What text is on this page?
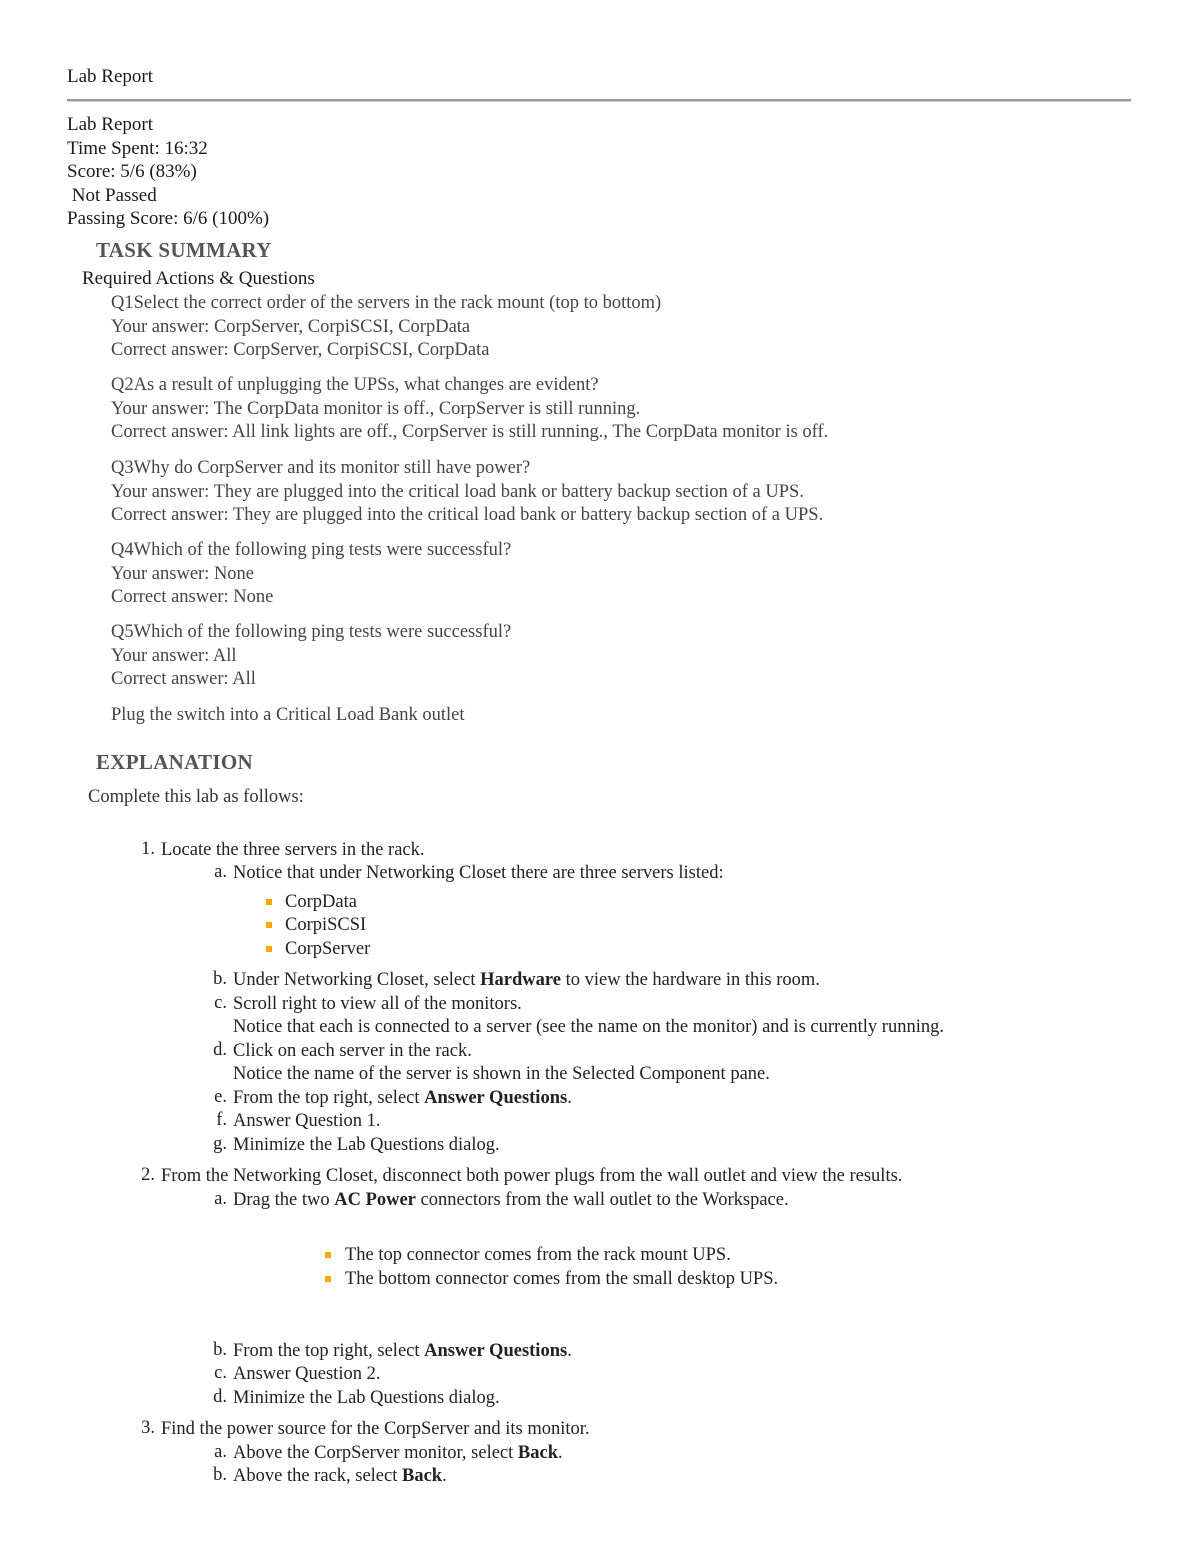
Lab Report
Lab Report
Time Spent: 16:32
Score: 5/6 (83%)
Not Passed
Passing Score: 6/6 (100%)
TASK SUMMARY
Required Actions & Questions
Q1Select the correct order of the servers in the rack mount (top to bottom)
Your answer: CorpServer, CorpiSCSI, CorpData
Correct answer: CorpServer, CorpiSCSI, CorpData
Q2As a result of unplugging the UPSs, what changes are evident?
Your answer: The CorpData monitor is off., CorpServer is still running.
Correct answer: All link lights are off., CorpServer is still running., The CorpData monitor is off.
Q3Why do CorpServer and its monitor still have power?
Your answer: They are plugged into the critical load bank or battery backup section of a UPS.
Correct answer: They are plugged into the critical load bank or battery backup section of a UPS.
Q4Which of the following ping tests were successful?
Your answer: None
Correct answer: None
Q5Which of the following ping tests were successful?
Your answer: All
Correct answer: All
Plug the switch into a Critical Load Bank outlet
EXPLANATION
Complete this lab as follows:
1. Locate the three servers in the rack.
a. Notice that under Networking Closet there are three servers listed:
CorpData
CorpiSCSI
CorpServer
b. Under Networking Closet, select Hardware to view the hardware in this room.
c. Scroll right to view all of the monitors.
Notice that each is connected to a server (see the name on the monitor) and is currently running.
d. Click on each server in the rack.
Notice the name of the server is shown in the Selected Component pane.
e. From the top right, select Answer Questions.
f. Answer Question 1.
g. Minimize the Lab Questions dialog.
2. From the Networking Closet, disconnect both power plugs from the wall outlet and view the results.
a. Drag the two AC Power connectors from the wall outlet to the Workspace.
The top connector comes from the rack mount UPS.
The bottom connector comes from the small desktop UPS.
b. From the top right, select Answer Questions.
c. Answer Question 2.
d. Minimize the Lab Questions dialog.
3. Find the power source for the CorpServer and its monitor.
a. Above the CorpServer monitor, select Back.
b. Above the rack, select Back.
